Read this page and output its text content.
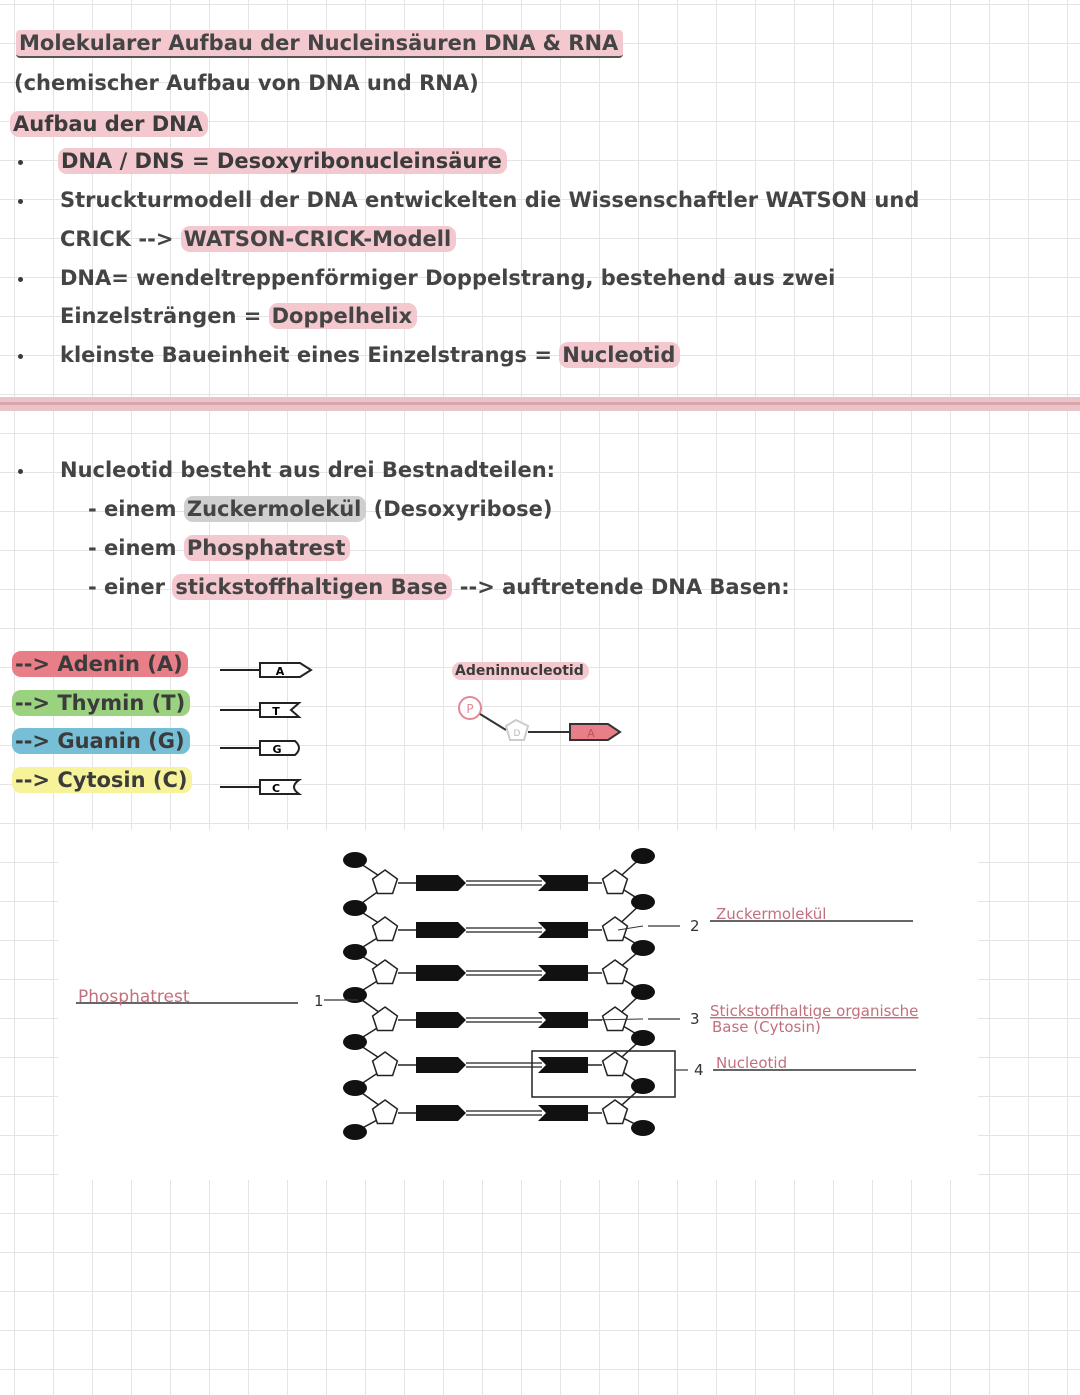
Molekularer Aufbau der Nucleinsäuren DNA & RNA
(chemischer Aufbau von DNA und RNA)
Aufbau der DNA
DNA / DNS = Desoxyribonucleinsäure
Struckturmodell der DNA entwickelten die Wissenschaftler WATSON und
CRICK --> WATSON-CRICK-Modell
DNA= wendeltreppenförmiger Doppelstrang, bestehend aus zwei
Einzelsträngen = Doppelhelix
kleinste Baueinheit eines Einzelstrangs = Nucleotid
Nucleotid besteht aus drei Bestnadteilen:
- einem Zuckermolekül (Desoxyribose)
- einem Phosphatrest
- einer stickstoffhaltigen Base --> auftretende DNA Basen:
--> Adenin (A)
--> Thymin (T)
--> Guanin (G)
--> Cytosin (C)
A
T
G
C
Adeninnucleotid
P
D	A
Phosphatrest	1
2
Zuckermolekül
3 Stickstoffhaltige organische
Base (Cytosin)
4 Nucleotid
